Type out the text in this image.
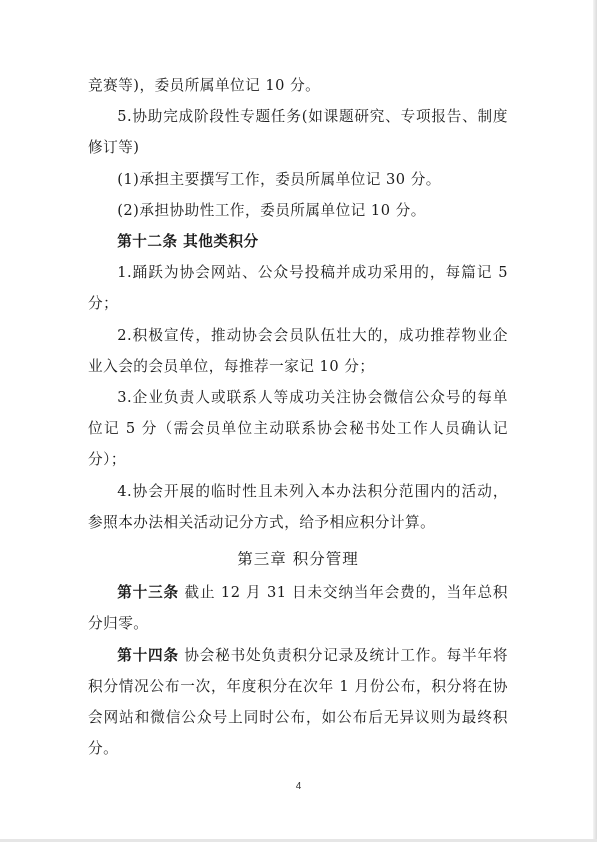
竞赛等)，委员所属单位记 10 分。

5.协助完成阶段性专题任务(如课题研究、专项报告、制度修订等)

(1)承担主要撰写工作，委员所属单位记 30 分。

(2)承担协助性工作，委员所属单位记 10 分。

第十二条 其他类积分

1.踊跃为协会网站、公众号投稿并成功采用的，每篇记 5 分；

2.积极宣传，推动协会会员队伍壮大的，成功推荐物业企业入会的会员单位，每推荐一家记 10 分；

3.企业负责人或联系人等成功关注协会微信公众号的每单位记 5 分（需会员单位主动联系协会秘书处工作人员确认记分）；

4.协会开展的临时性且未列入本办法积分范围内的活动，参照本办法相关活动记分方式，给予相应积分计算。

第三章 积分管理

第十三条 截止 12 月 31 日未交纳当年会费的，当年总积分归零。

第十四条 协会秘书处负责积分记录及统计工作。每半年将积分情况公布一次，年度积分在次年 1 月份公布，积分将在协会网站和微信公众号上同时公布，如公布后无异议则为最终积分。

4
